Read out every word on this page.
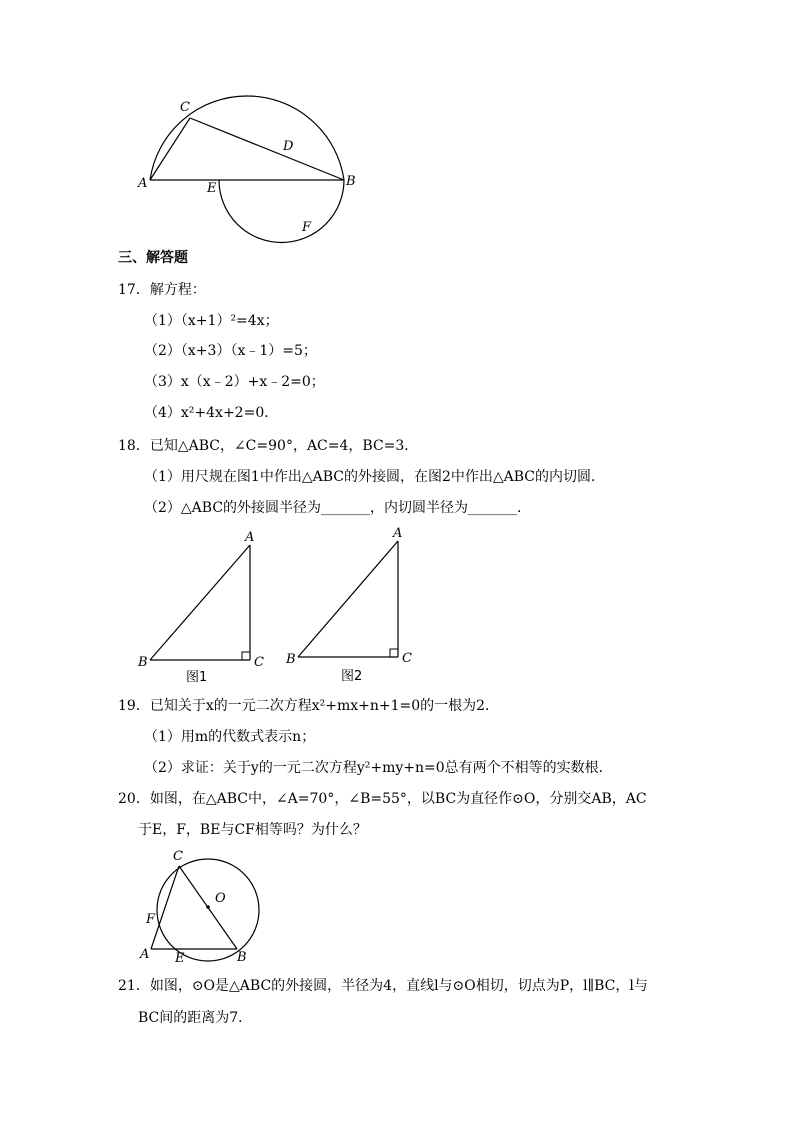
C
D
A	E	B
F
三、解答题
17．解方程：
（1）（x+1）²=4x；
（2）（x+3）（x﹣1）=5；
（3）x（x﹣2）+x﹣2=0；
（4）x²+4x+2=0．
18．已知△ABC，∠C=90°，AC=4，BC=3．
（1）用尺规在图1中作出△ABC的外接圆，在图2中作出△ABC的内切圆．
（2）△ABC的外接圆半径为_______，内切圆半径为_______．
A
B	C
图1
A
B	C
图2
19．已知关于x的一元二次方程x²+mx+n+1=0的一根为2．
（1）用m的代数式表示n；
（2）求证：关于y的一元二次方程y²+my+n=0总有两个不相等的实数根．
20．如图，在△ABC中，∠A=70°，∠B=55°，以BC为直径作⊙O，分别交AB，AC
于E，F，BE与CF相等吗？为什么？
C
O
F
A E	B
21．如图，⊙O是△ABC的外接圆，半径为4，直线l与⊙O相切，切点为P，l∥BC，l与
BC间的距离为7．
